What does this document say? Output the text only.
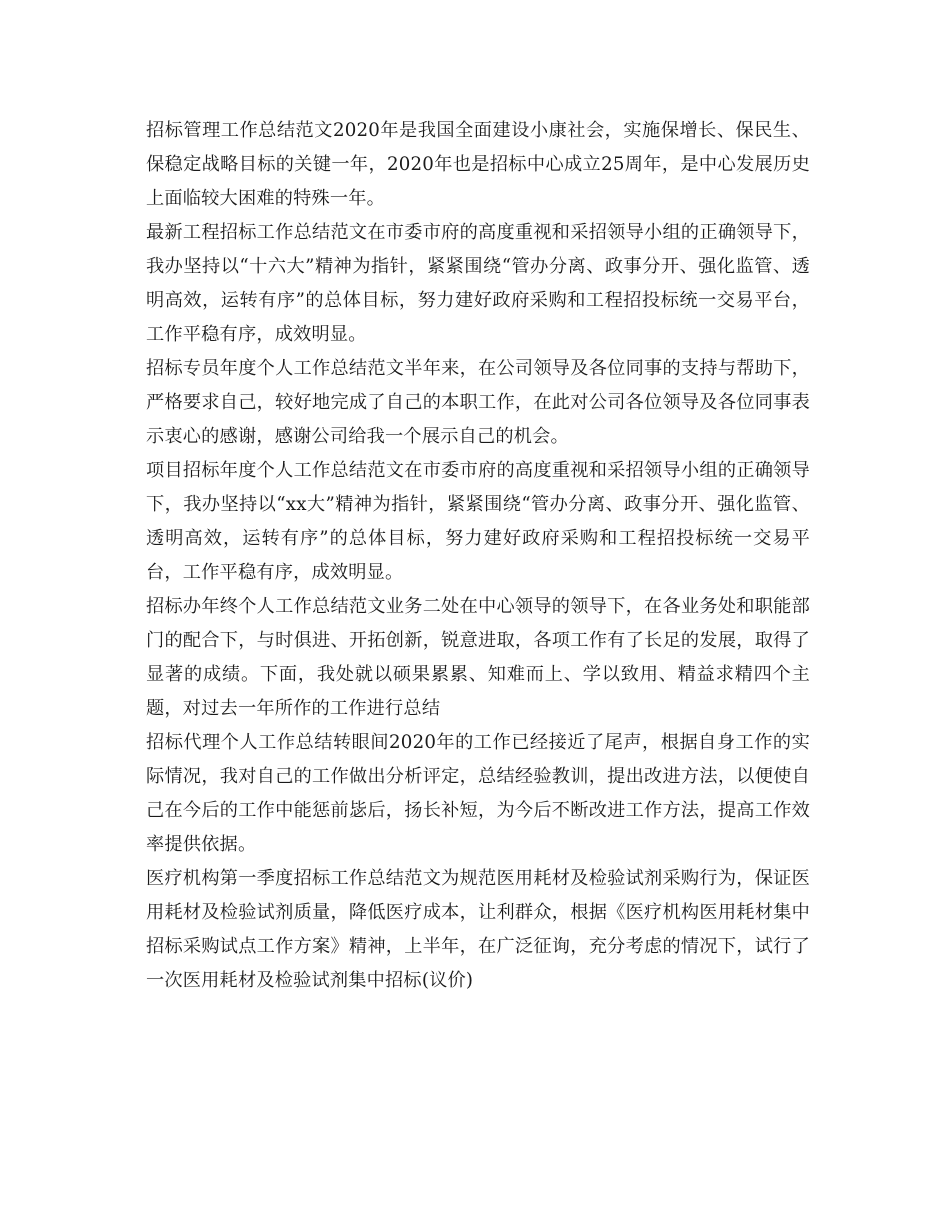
招标管理工作总结范文2020年是我国全面建设小康社会，实施保增长、保民生、保稳定战略目标的关键一年，2020年也是招标中心成立25周年，是中心发展历史上面临较大困难的特殊一年。

最新工程招标工作总结范文在市委市府的高度重视和采招领导小组的正确领导下，我办坚持以“十六大”精神为指针，紧紧围绕“管办分离、政事分开、强化监管、透明高效，运转有序”的总体目标，努力建好政府采购和工程招投标统一交易平台，工作平稳有序，成效明显。

招标专员年度个人工作总结范文半年来，在公司领导及各位同事的支持与帮助下，严格要求自己，较好地完成了自己的本职工作，在此对公司各位领导及各位同事表示衷心的感谢，感谢公司给我一个展示自己的机会。

项目招标年度个人工作总结范文在市委市府的高度重视和采招领导小组的正确领导下，我办坚持以“xx大”精神为指针，紧紧围绕“管办分离、政事分开、强化监管、透明高效，运转有序”的总体目标，努力建好政府采购和工程招投标统一交易平台，工作平稳有序，成效明显。

招标办年终个人工作总结范文业务二处在中心领导的领导下，在各业务处和职能部门的配合下，与时俱进、开拓创新，锐意进取，各项工作有了长足的发展，取得了显著的成绩。下面，我处就以硕果累累、知难而上、学以致用、精益求精四个主题，对过去一年所作的工作进行总结

招标代理个人工作总结转眼间2020年的工作已经接近了尾声，根据自身工作的实际情况，我对自己的工作做出分析评定，总结经验教训，提出改进方法，以便使自己在今后的工作中能惩前毖后，扬长补短，为今后不断改进工作方法，提高工作效率提供依据。

医疗机构第一季度招标工作总结范文为规范医用耗材及检验试剂采购行为，保证医用耗材及检验试剂质量，降低医疗成本，让利群众，根据《医疗机构医用耗材集中招标采购试点工作方案》精神，上半年，在广泛征询，充分考虑的情况下，试行了一次医用耗材及检验试剂集中招标(议价)
